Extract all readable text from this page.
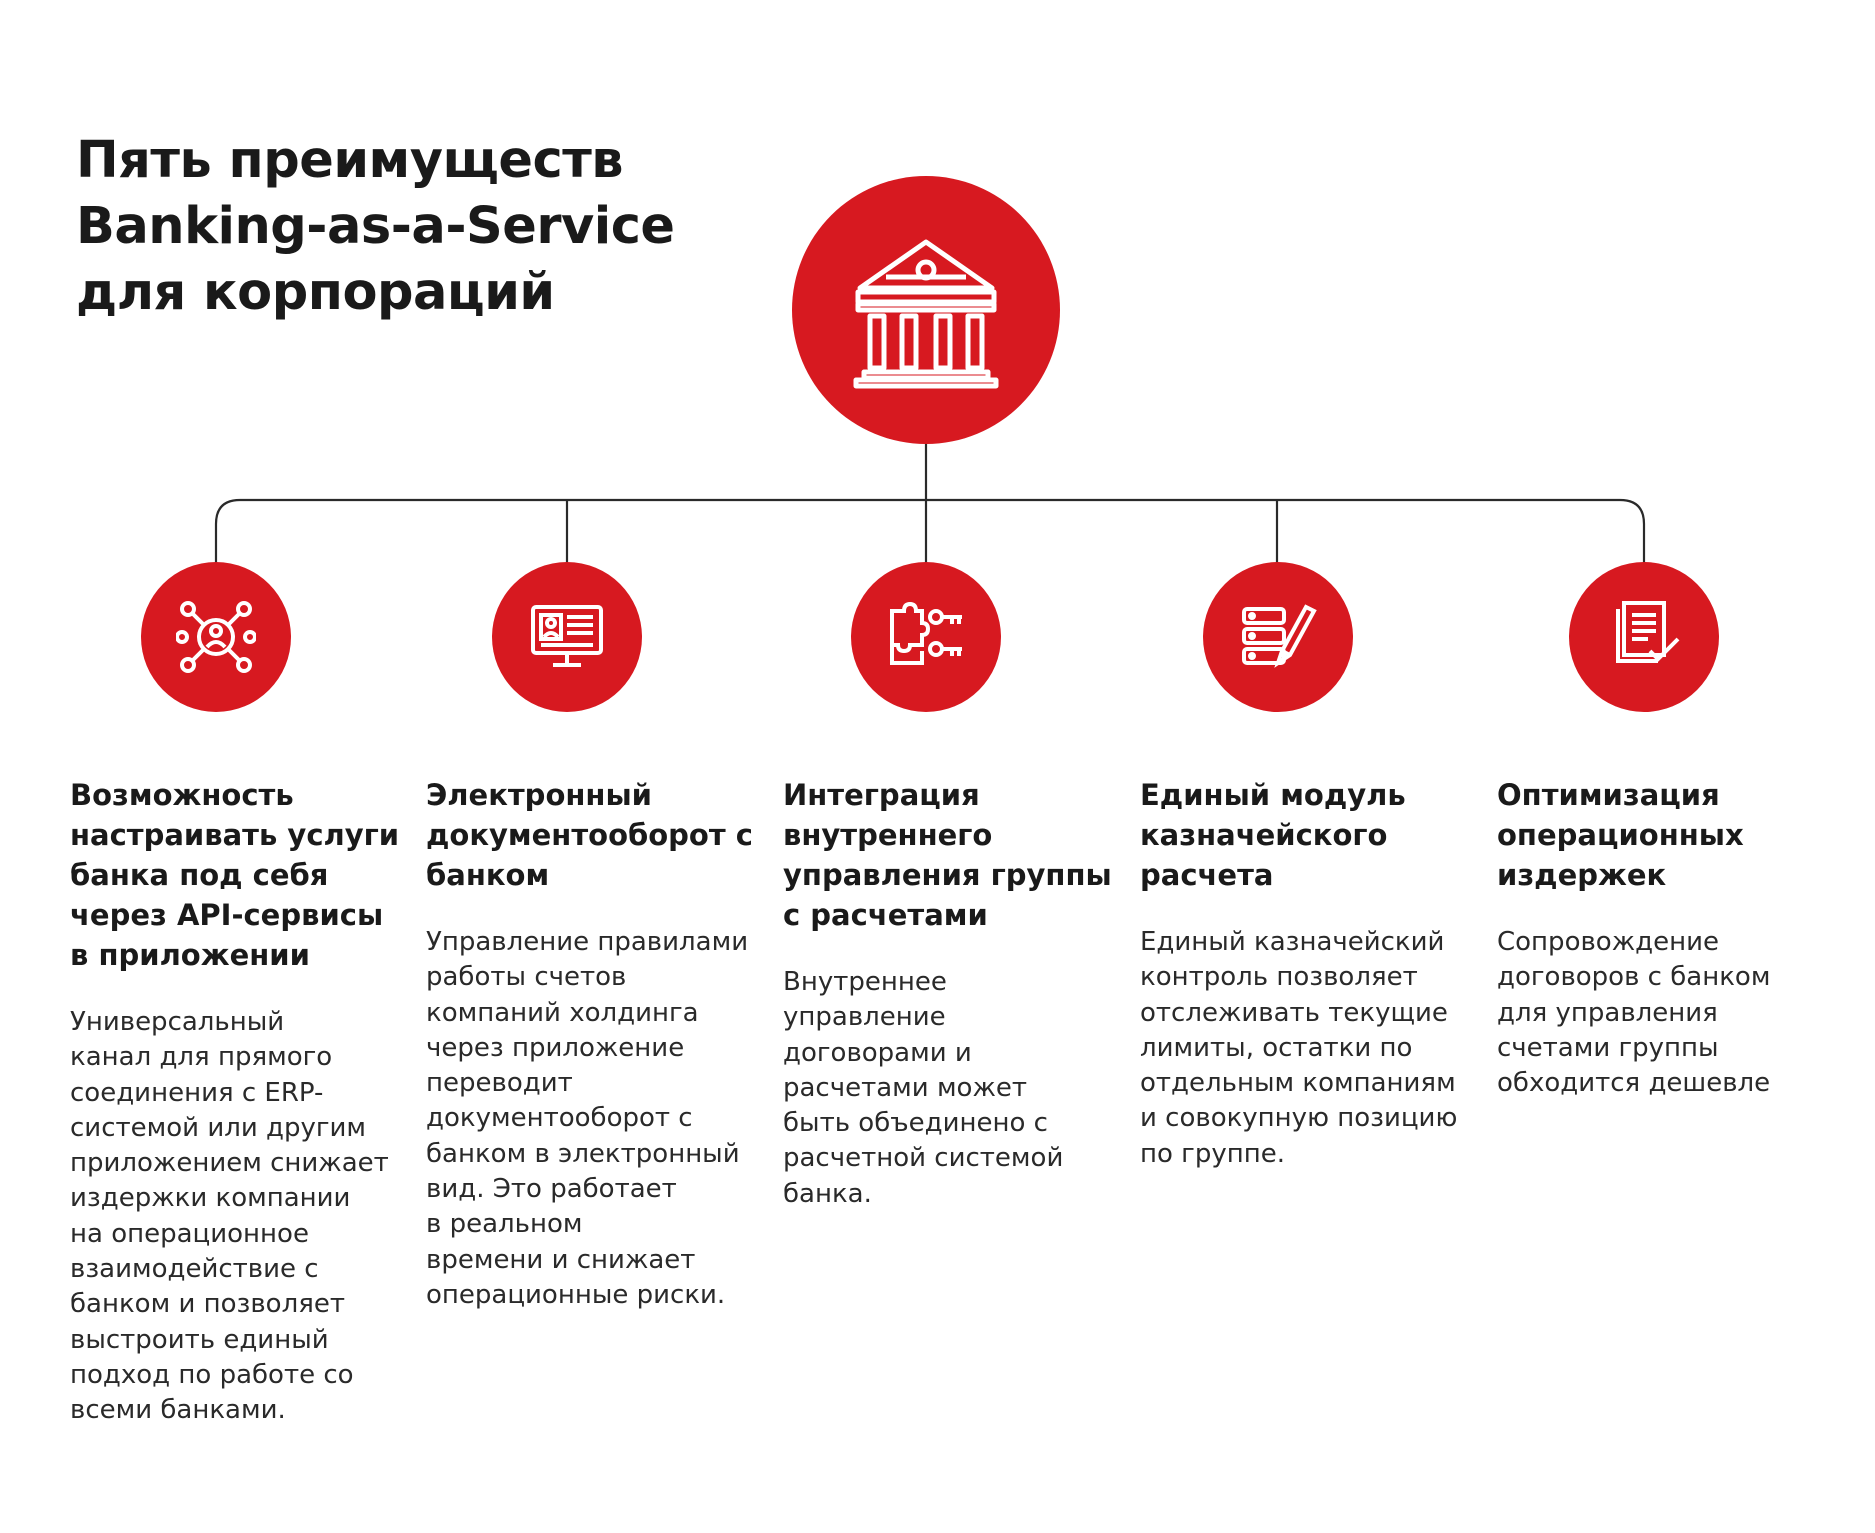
Пять преимуществ
Banking-as-a-Service
для корпораций
Возможность
настраивать услуги
банка под себя
через API-сервисы
в приложении
Универсальный
канал для прямого
соединения с ERP-
системой или другим
приложением снижает
издержки компании
на операционное
взаимодействие с
банком и позволяет
выстроить единый
подход по работе со
всеми банками.
Электронный
документооборот с
банком
Управление правилами
работы счетов
компаний холдинга
через приложение
переводит
документооборот с
банком в электронный
вид. Это работает
в реальном
времени и снижает
операционные риски.
Интеграция
внутреннего
управления группы
с расчетами
Внутреннее
управление
договорами и
расчетами может
быть объединено с
расчетной системой
банка.
Единый модуль
казначейского
расчета
Единый казначейский
контроль позволяет
отслеживать текущие
лимиты, остатки по
отдельным компаниям
и совокупную позицию
по группе.
Оптимизация
операционных
издержек
Сопровождение
договоров с банком
для управления
счетами группы
обходится дешевле
